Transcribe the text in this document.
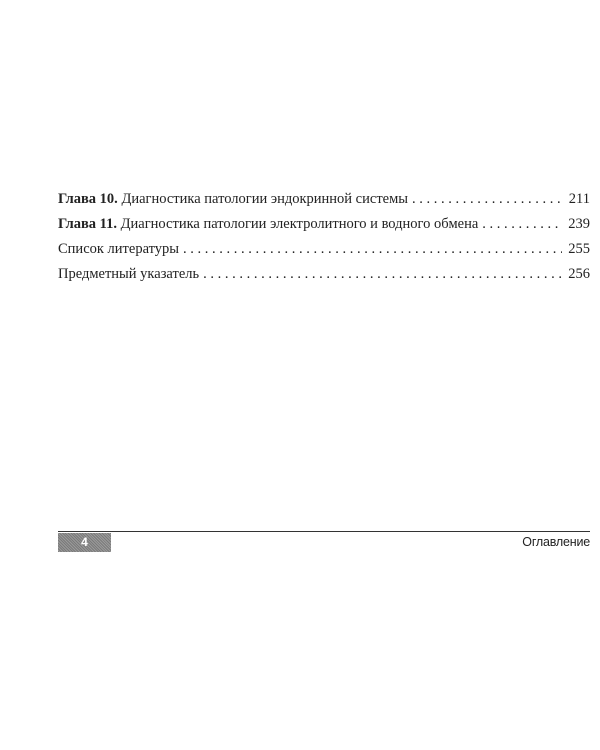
Глава 10. Диагностика патологии эндокринной системы . . .	211
Глава 11. Диагностика патологии электролитного и водного обмена . . .	239
Список литературы . . .	255
Предметный указатель . . .	256
4	Оглавление
